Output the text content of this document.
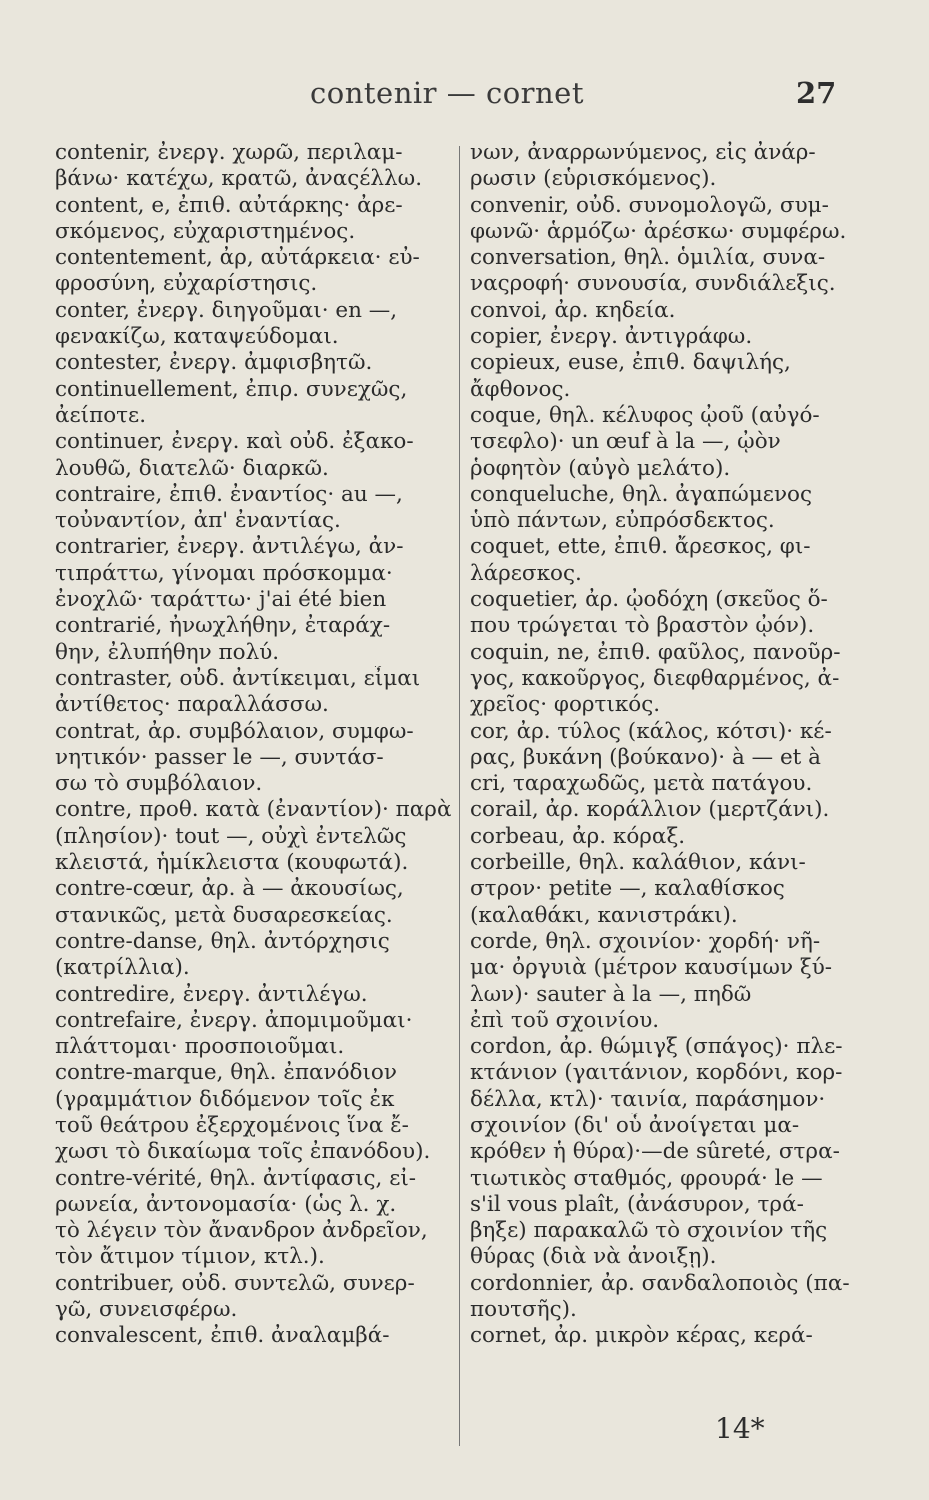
contenir — cornet	27
contenir, ἐνεργ. χωρῶ, περιλαμ-
βάνω· κατέχω, κρατῶ, ἀναςέλλω.
content, e, ἐπιθ. αὐτάρκης· ἀρε-
σκόμενος, εὐχαριστημένος.
contentement, ἀρ, αὐτάρκεια· εὐ-
φροσύνη, εὐχαρίστησις.
conter, ἐνεργ. διηγοῦμαι· en —,
φενακίζω, καταψεύδομαι.
contester, ἐνεργ. ἀμφισβητῶ.
continuellement, ἐπιρ. συνεχῶς,
ἀείποτε.
continuer, ἐνεργ. καὶ οὐδ. ἐξακο-
λουθῶ, διατελῶ· διαρκῶ.
contraire, ἐπιθ. ἐναντίος· au —,
τοὐναντίον, ἀπ' ἐναντίας.
contrarier, ἐνεργ. ἀντιλέγω, ἀν-
τιπράττω, γίνομαι πρόσκομμα·
ἐνοχλῶ· ταράττω· j'ai été bien
contrarié, ἠνωχλήθην, ἐταράχ-
θην, ἐλυπήθην πολύ.
contraster, οὐδ. ἀντίκειμαι, εἶμαι
ἀντίθετος· παραλλάσσω.
contrat, ἀρ. συμβόλαιον, συμφω-
νητικόν· passer le —, συντάσ-
σω τὸ συμβόλαιον.
contre, προθ. κατὰ (ἐναντίον)· παρὰ
(πλησίον)· tout —, οὐχὶ ἐντελῶς
κλειστά, ἡμίκλειστα (κουφωτά).
contre-cœur, ἀρ. à — ἀκουσίως,
στανικῶς, μετὰ δυσαρεσκείας.
contre-danse, θηλ. ἀντόρχησις
(κατρίλλια).
contredire, ἐνεργ. ἀντιλέγω.
contrefaire, ἐνεργ. ἀπομιμοῦμαι·
πλάττομαι· προσποιοῦμαι.
contre-marque, θηλ. ἐπανόδιον
(γραμμάτιον διδόμενον τοῖς ἐκ
τοῦ θεάτρου ἐξερχομένοις ἵνα ἔ-
χωσι τὸ δικαίωμα τοῖς ἐπανόδου).
contre-vérité, θηλ. ἀντίφασις, εἰ-
ρωνεία, ἀντονομασία· (ὡς λ. χ.
τὸ λέγειν τὸν ἄνανδρον ἀνδρεῖον,
τὸν ἄτιμον τίμιον, κτλ.).
contribuer, οὐδ. συντελῶ, συνερ-
γῶ, συνεισφέρω.
convalescent, ἐπιθ. ἀναλαμβά-
νων, ἀναρρωνύμενος, εἰς ἀνάρ-
ρωσιν (εὑρισκόμενος).
convenir, οὐδ. συνομολογῶ, συμ-
φωνῶ· ἁρμόζω· ἀρέσκω· συμφέρω.
conversation, θηλ. ὁμιλία, συνα-
ναςροφή· συνουσία, συνδιάλεξις.
convoi, ἀρ. κηδεία.
copier, ἐνεργ. ἀντιγράφω.
copieux, euse, ἐπιθ. δαψιλής,
ἄφθονος.
coque, θηλ. κέλυφος ᾠοῦ (αὐγό-
τσεφλο)· un œuf à la —, ᾠὸν
ῥοφητὸν (αὐγὸ μελάτο).
conqueluche, θηλ. ἀγαπώμενος
ὑπὸ πάντων, εὐπρόσδεκτος.
coquet, ette, ἐπιθ. ἄρεσκος, φι-
λάρεσκος.
coquetier, ἀρ. ᾠοδόχη (σκεῦος ὅ-
που τρώγεται τὸ βραστὸν ᾠόν).
coquin, ne, ἐπιθ. φαῦλος, πανοῦρ-
γος, κακοῦργος, διεφθαρμένος, ἀ-
χρεῖος· φορτικός.
cor, ἀρ. τύλος (κάλος, κότσι)· κέ-
ρας, βυκάνη (βούκανο)· à — et à
cri, ταραχωδῶς, μετὰ πατάγου.
corail, ἀρ. κοράλλιον (μερτζάνι).
corbeau, ἀρ. κόραξ.
corbeille, θηλ. καλάθιον, κάνι-
στρον· petite —, καλαθίσκος
(καλαθάκι, κανιστράκι).
corde, θηλ. σχοινίον· χορδή· νῆ-
μα· ὀργυιὰ (μέτρον καυσίμων ξύ-
λων)· sauter à la —, πηδῶ
ἐπὶ τοῦ σχοινίου.
cordon, ἀρ. θώμιγξ (σπάγος)· πλε-
κτάνιον (γαιτάνιον, κορδόνι, κορ-
δέλλα, κτλ)· ταινία, παράσημον·
σχοινίον (δι' οὗ ἀνοίγεται μα-
κρόθεν ἡ θύρα)·—de sûreté, στρα-
τιωτικὸς σταθμός, φρουρά· le —
s'il vous plaît, (ἀνάσυρον, τρά-
βηξε) παρακαλῶ τὸ σχοινίον τῆς
θύρας (διὰ νὰ ἀνοιξῃ).
cordonnier, ἀρ. σανδαλοποιὸς (πα-
πουτσῆς).
cornet, ἀρ. μικρὸν κέρας, κερά-
14*
